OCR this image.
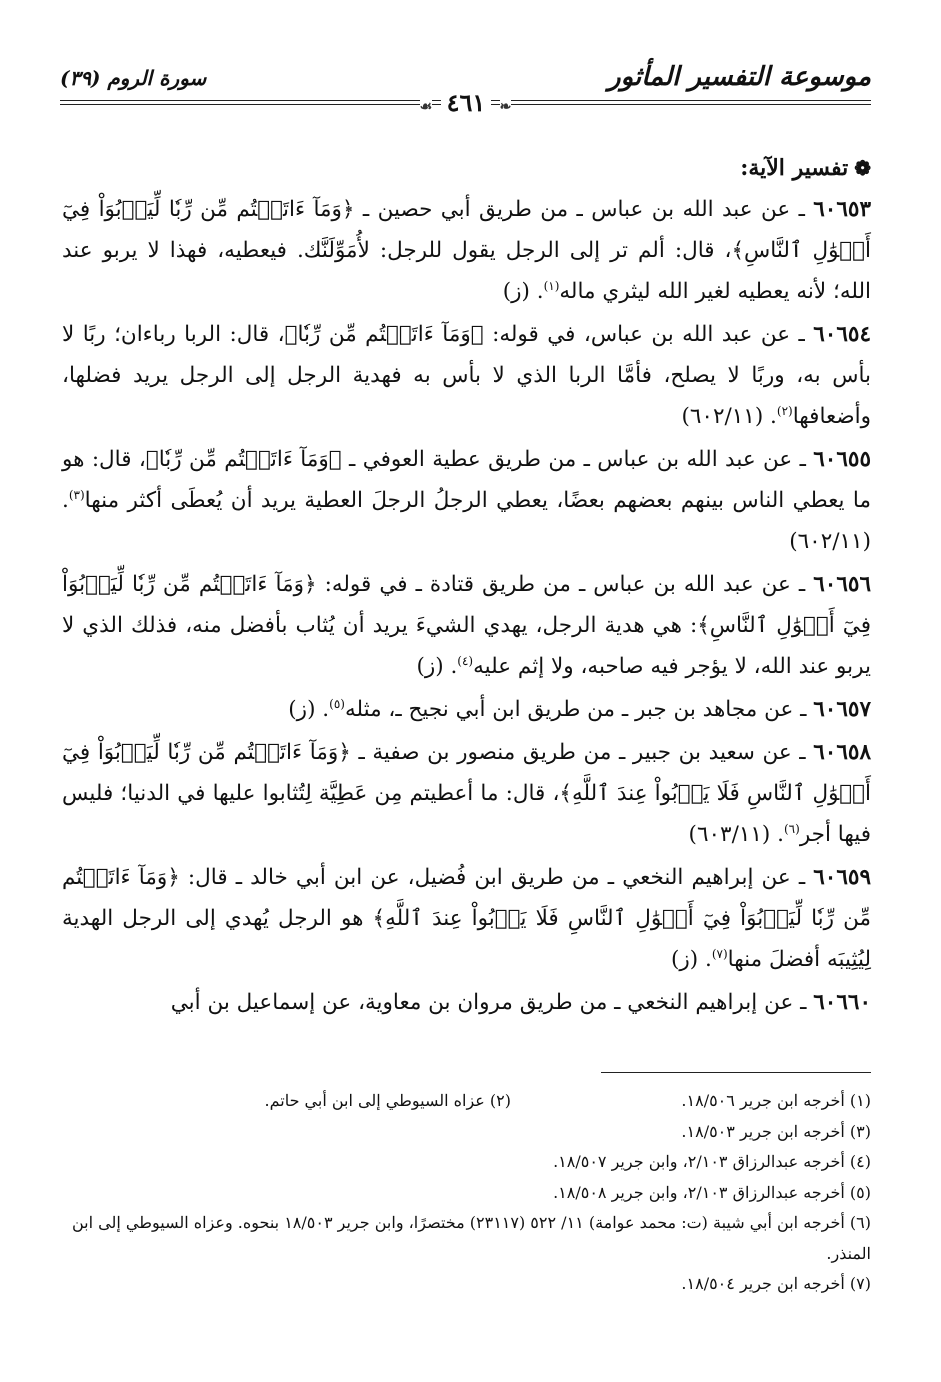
موسوعة التفسير المأثور
سورة الروم (٣٩)
❧ ٤٦١ ☙
❁تفسير الآية:
٦٠٦٥٣ ـ عن عبد الله بن عباس ـ من طريق أبي حصين ـ ﴿وَمَآ ءَاتَيۡتُم مِّن رِّبٗا لِّيَرۡبُوَاْ فِيٓ أَمۡوَٰلِ ٱلنَّاسِ﴾، قال: ألم تر إلى الرجل يقول للرجل: لأُمَوِّلَنَّك. فيعطيه، فهذا لا يربو عند الله؛ لأنه يعطيه لغير الله ليثري ماله$^{(١)}$. (ز)
٦٠٦٥٤ ـ عن عبد الله بن عباس، في قوله: ﴿وَمَآ ءَاتَيۡتُم مِّن رِّبٗا﴾، قال: الربا رباءان؛ ربًا لا بأس به، وربًا لا يصلح، فأمَّا الربا الذي لا بأس به فهدية الرجل إلى الرجل يريد فضلها، وأضعافها$^{(٢)}$. (٦٠٢/١١)
٦٠٦٥٥ ـ عن عبد الله بن عباس ـ من طريق عطية العوفي ـ ﴿وَمَآ ءَاتَيۡتُم مِّن رِّبٗا﴾، قال: هو ما يعطي الناس بينهم بعضهم بعضًا، يعطي الرجلُ الرجلَ العطية يريد أن يُعطَى أكثر منها$^{(٣)}$. (٦٠٢/١١)
٦٠٦٥٦ ـ عن عبد الله بن عباس ـ من طريق قتادة ـ في قوله: ﴿وَمَآ ءَاتَيۡتُم مِّن رِّبٗا لِّيَرۡبُوَاْ فِيٓ أَمۡوَٰلِ ٱلنَّاسِ﴾: هي هدية الرجل، يهدي الشيءَ يريد أن يُثاب بأفضل منه، فذلك الذي لا يربو عند الله، لا يؤجر فيه صاحبه، ولا إثم عليه$^{(٤)}$. (ز)
٦٠٦٥٧ ـ عن مجاهد بن جبر ـ من طريق ابن أبي نجيح ـ، مثله$^{(٥)}$. (ز)
٦٠٦٥٨ ـ عن سعيد بن جبير ـ من طريق منصور بن صفية ـ ﴿وَمَآ ءَاتَيۡتُم مِّن رِّبٗا لِّيَرۡبُوَاْ فِيٓ أَمۡوَٰلِ ٱلنَّاسِ فَلَا يَرۡبُواْ عِندَ ٱللَّهِ﴾، قال: ما أعطيتم مِن عَطِيَّة لِتُثابوا عليها في الدنيا؛ فليس فيها أجر$^{(٦)}$. (٦٠٣/١١)
٦٠٦٥٩ ـ عن إبراهيم النخعي ـ من طريق ابن فُضيل، عن ابن أبي خالد ـ قال: ﴿وَمَآ ءَاتَيۡتُم مِّن رِّبٗا لِّيَرۡبُوَاْ فِيٓ أَمۡوَٰلِ ٱلنَّاسِ فَلَا يَرۡبُواْ عِندَ ٱللَّهِ﴾ هو الرجل يُهدي إلى الرجل الهدية لِيُثِيبَه أفضلَ منها$^{(٧)}$. (ز)
٦٠٦٦٠ ـ عن إبراهيم النخعي ـ من طريق مروان بن معاوية، عن إسماعيل بن أبي
(١) أخرجه ابن جرير ١٨/٥٠٦.
(٢) عزاه السيوطي إلى ابن أبي حاتم.
(٣) أخرجه ابن جرير ١٨/٥٠٣.
(٤) أخرجه عبدالرزاق ٢/١٠٣، وابن جرير ١٨/٥٠٧.
(٥) أخرجه عبدالرزاق ٢/١٠٣، وابن جرير ١٨/٥٠٨.
(٦) أخرجه ابن أبي شيبة (ت: محمد عوامة) ١١/ ٥٢٢ (٢٣١١٧) مختصرًا، وابن جرير ١٨/٥٠٣ بنحوه. وعزاه السيوطي إلى ابن المنذر.
(٧) أخرجه ابن جرير ١٨/٥٠٤.
